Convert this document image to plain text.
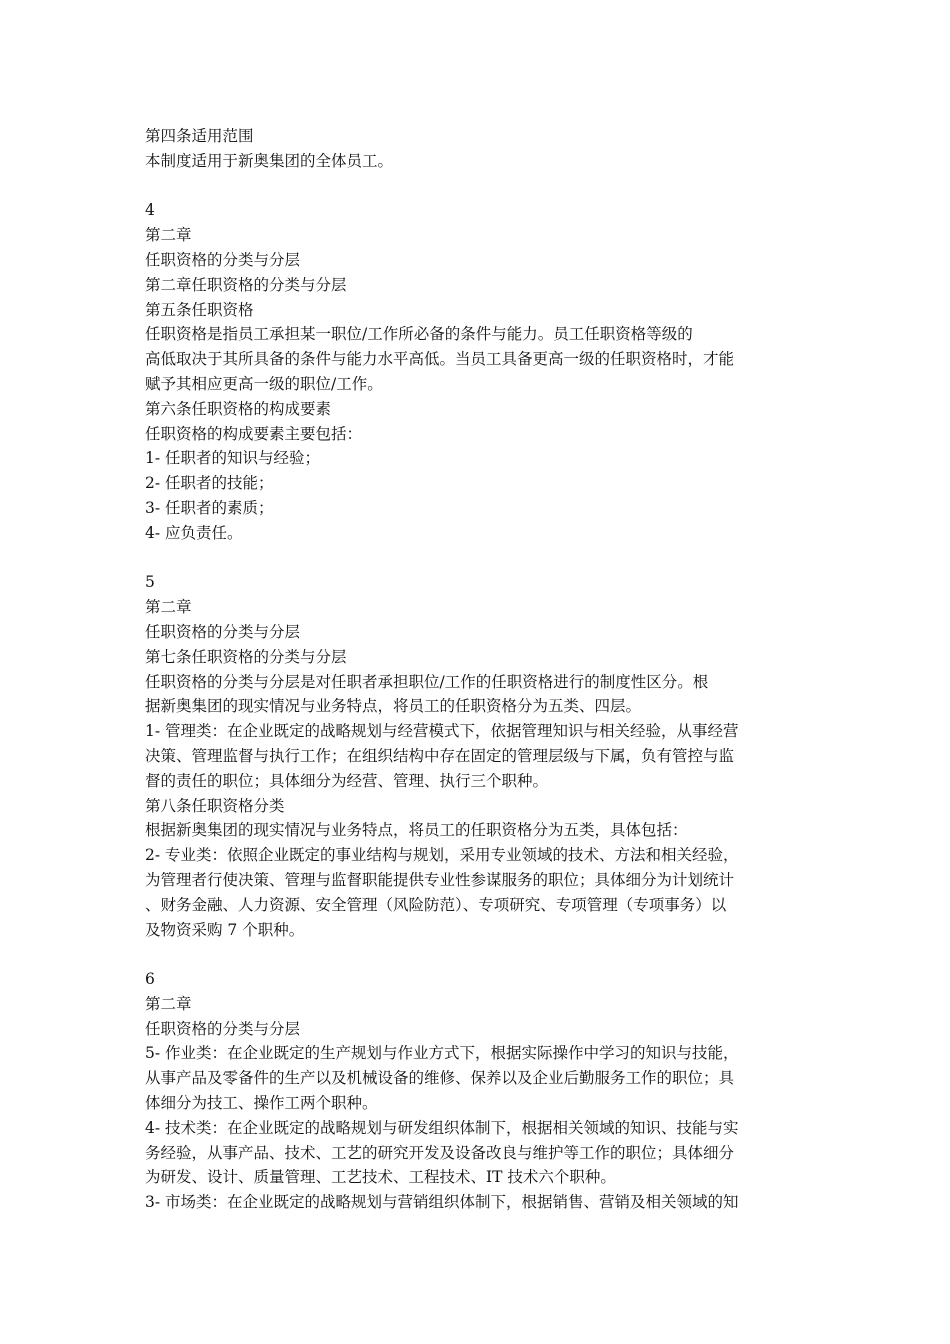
第四条适用范围
本制度适用于新奥集团的全体员工。
4
第二章
任职资格的分类与分层
第二章任职资格的分类与分层
第五条任职资格
任职资格是指员工承担某一职位/工作所必备的条件与能力。员工任职资格等级的
高低取决于其所具备的条件与能力水平高低。当员工具备更高一级的任职资格时，才能
赋予其相应更高一级的职位/工作。
第六条任职资格的构成要素
任职资格的构成要素主要包括：
1- 任职者的知识与经验；
2- 任职者的技能；
3- 任职者的素质；
4- 应负责任。
5
第二章
任职资格的分类与分层
第七条任职资格的分类与分层
任职资格的分类与分层是对任职者承担职位/工作的任职资格进行的制度性区分。根
据新奥集团的现实情况与业务特点，将员工的任职资格分为五类、四层。
1- 管理类：在企业既定的战略规划与经营模式下，依据管理知识与相关经验，从事经营
决策、管理监督与执行工作；在组织结构中存在固定的管理层级与下属，负有管控与监
督的责任的职位；具体细分为经营、管理、执行三个职种。
第八条任职资格分类
根据新奥集团的现实情况与业务特点，将员工的任职资格分为五类，具体包括：
2- 专业类：依照企业既定的事业结构与规划，采用专业领域的技术、方法和相关经验，
为管理者行使决策、管理与监督职能提供专业性参谋服务的职位；具体细分为计划统计
、财务金融、人力资源、安全管理（风险防范）、专项研究、专项管理（专项事务）以
及物资采购 7 个职种。
6
第二章
任职资格的分类与分层
5- 作业类：在企业既定的生产规划与作业方式下，根据实际操作中学习的知识与技能，
从事产品及零备件的生产以及机械设备的维修、保养以及企业后勤服务工作的职位；具
体细分为技工、操作工两个职种。
4- 技术类：在企业既定的战略规划与研发组织体制下，根据相关领域的知识、技能与实
务经验，从事产品、技术、工艺的研究开发及设备改良与维护等工作的职位；具体细分
为研发、设计、质量管理、工艺技术、工程技术、IT 技术六个职种。
3- 市场类：在企业既定的战略规划与营销组织体制下，根据销售、营销及相关领域的知
